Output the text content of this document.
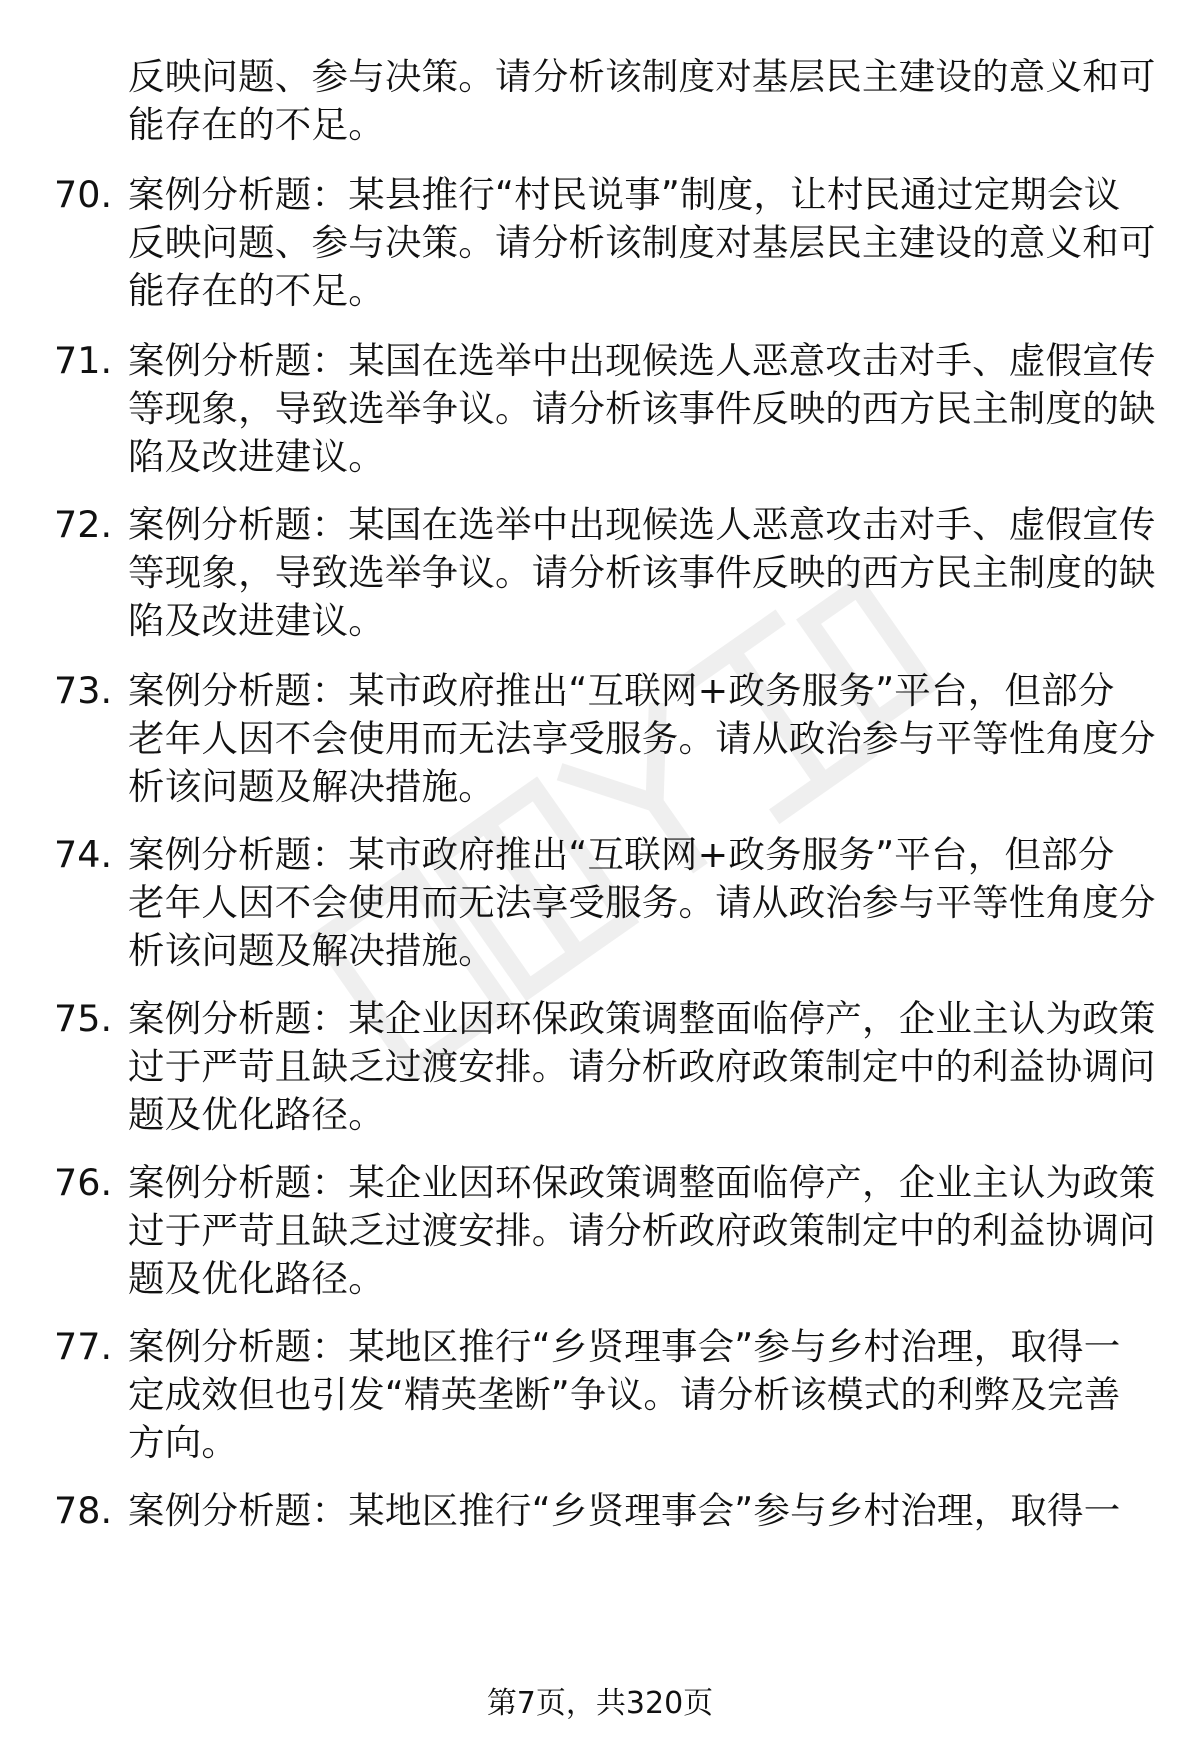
反映问题、参与决策。请分析该制度对基层民主建设的意义和可
能存在的不足。
70. 案例分析题：某县推行“村民说事”制度，让村民通过定期会议
反映问题、参与决策。请分析该制度对基层民主建设的意义和可
能存在的不足。
71. 案例分析题：某国在选举中出现候选人恶意攻击对手、虚假宣传
等现象，导致选举争议。请分析该事件反映的西方民主制度的缺
陷及改进建议。
72. 案例分析题：某国在选举中出现候选人恶意攻击对手、虚假宣传
等现象，导致选举争议。请分析该事件反映的西方民主制度的缺
陷及改进建议。
73. 案例分析题：某市政府推出“互联网+政务服务”平台，但部分
老年人因不会使用而无法享受服务。请从政治参与平等性角度分
析该问题及解决措施。
74. 案例分析题：某市政府推出“互联网+政务服务”平台，但部分
老年人因不会使用而无法享受服务。请从政治参与平等性角度分
析该问题及解决措施。
75. 案例分析题：某企业因环保政策调整面临停产，企业主认为政策
过于严苛且缺乏过渡安排。请分析政府政策制定中的利益协调问
题及优化路径。
76. 案例分析题：某企业因环保政策调整面临停产，企业主认为政策
过于严苛且缺乏过渡安排。请分析政府政策制定中的利益协调问
题及优化路径。
77. 案例分析题：某地区推行“乡贤理事会”参与乡村治理，取得一
定成效但也引发“精英垄断”争议。请分析该模式的利弊及完善
方向。
78. 案例分析题：某地区推行“乡贤理事会”参与乡村治理，取得一
第7页，共320页
